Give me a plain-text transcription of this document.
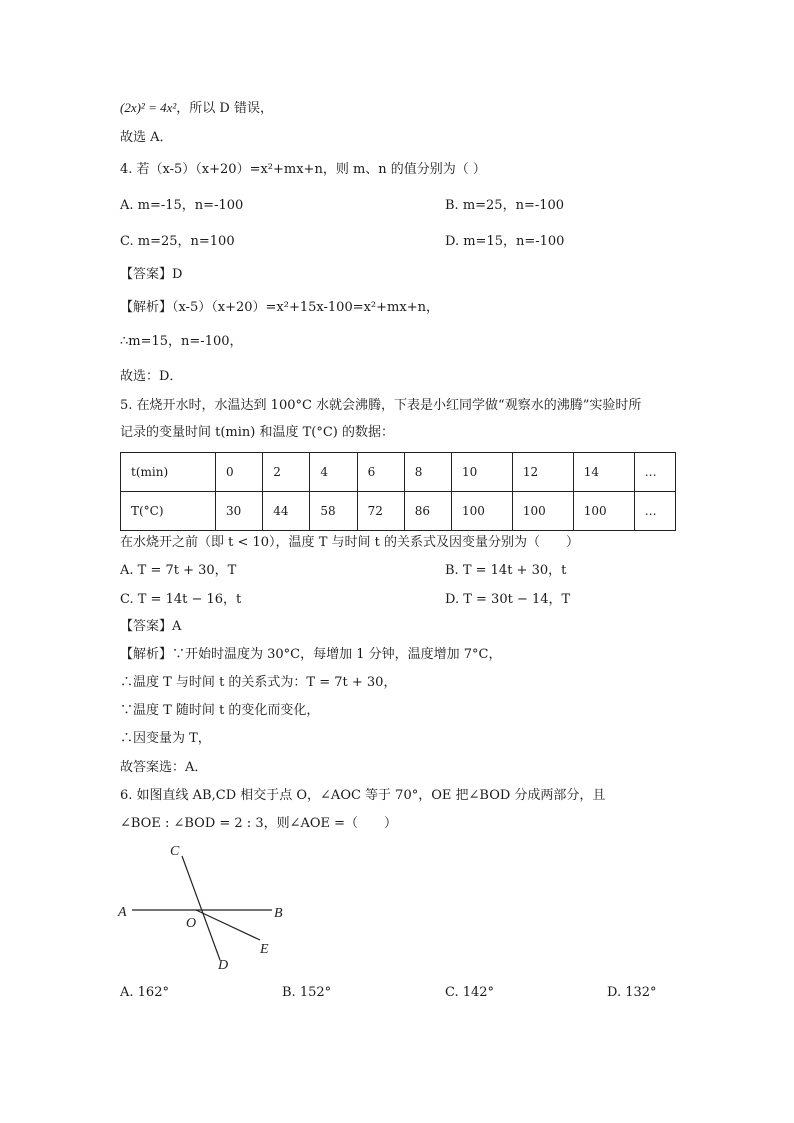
(2x)² = 4x²，所以 D 错误，
故选 A．
4. 若（x-5）（x+20）=x²+mx+n，则 m、n 的值分别为（ ）
A. m=-15，n=-100	B. m=25，n=-100
C. m=25，n=100	D. m=15，n=-100
【答案】D
【解析】（x-5）（x+20）=x²+15x-100=x²+mx+n，
∴m=15，n=-100，
故选：D．
5. 在烧开水时，水温达到 100°C 水就会沸腾，下表是小红同学做“观察水的沸腾”实验时所
记录的变量时间 t(min) 和温度 T(°C) 的数据：
t(min)	0	2	4	6	8	10	12	14	…
T(°C)	30	44	58	72	86	100	100	100	…
在水烧开之前（即 t < 10），温度 T 与时间 t 的关系式及因变量分别为（　　）
A. T = 7t + 30，T	B. T = 14t + 30，t
C. T = 14t − 16，t	D. T = 30t − 14，T
【答案】A
【解析】∵开始时温度为 30°C，每增加 1 分钟，温度增加 7°C，
∴温度 T 与时间 t 的关系式为：T = 7t + 30，
∵温度 T 随时间 t 的变化而变化，
∴因变量为 T，
故答案选：A．
6. 如图直线 AB,CD 相交于点 O，∠AOC 等于 70°，OE 把∠BOD 分成两部分，且
∠BOE : ∠BOD = 2 : 3，则∠AOE =（　　）
C
A	B
O
E
D
A. 162°	B. 152°	C. 142°	D. 132°
